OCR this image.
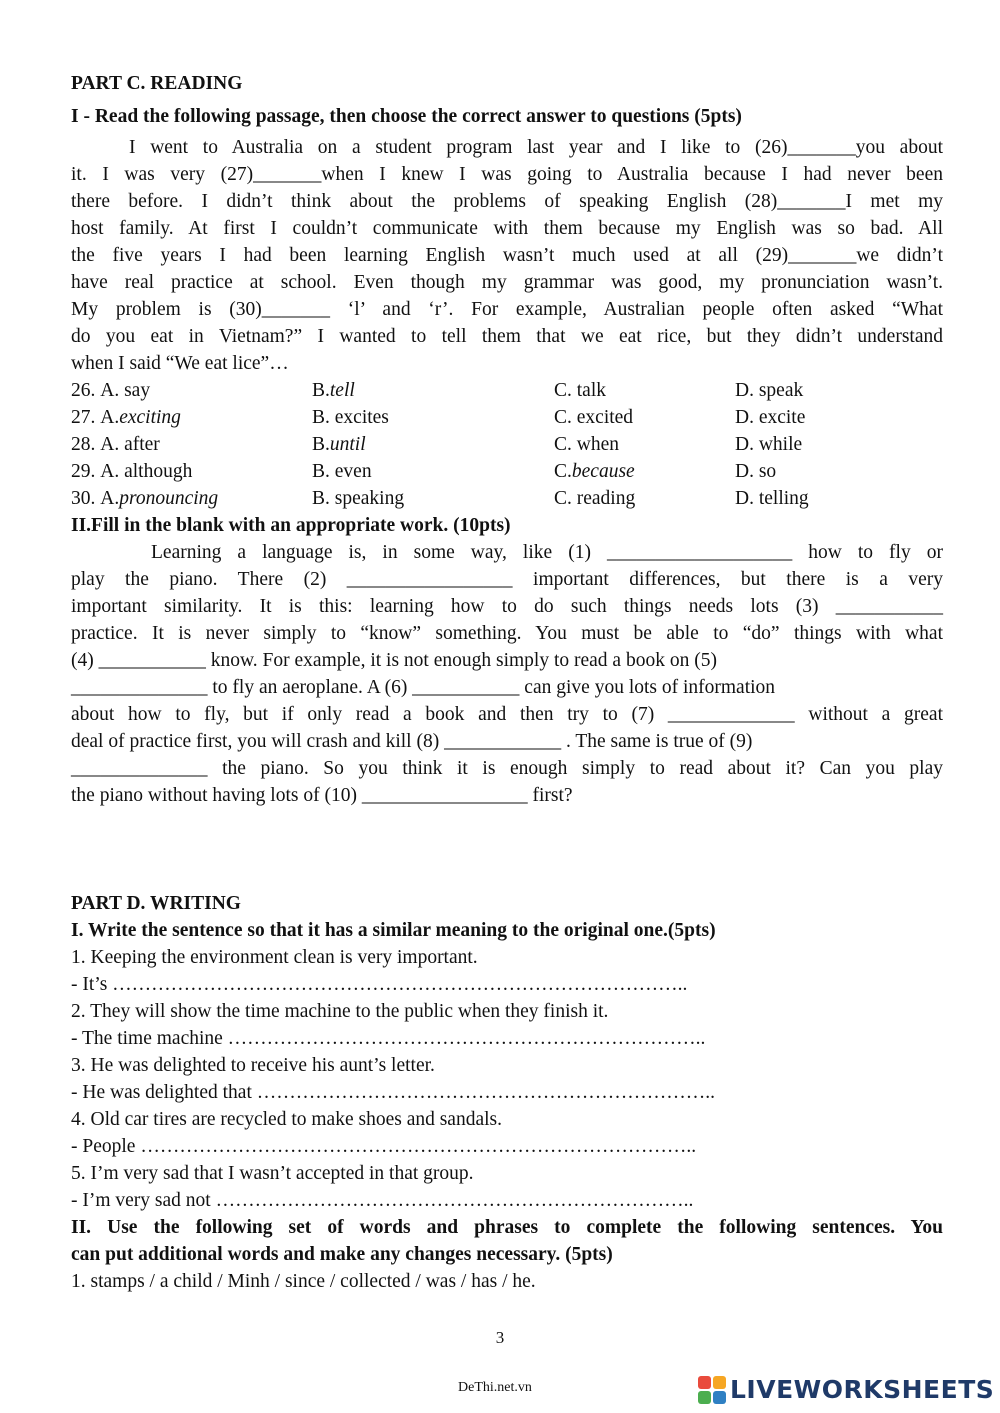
PART C. READING
I - Read the following passage, then choose the correct answer to questions (5pts)
I went to Australia on a student program last year and I like to (26)_______you about
it. I was very (27)_______when I knew I was going to Australia because I had never been
there before. I didn’t think about the problems of speaking English (28)_______I met my
host family. At first I couldn’t communicate with them because my English was so bad. All
the five years I had been learning English wasn’t much used at all (29)_______we didn’t
have real practice at school. Even though my grammar was good, my pronunciation wasn’t.
My problem is (30)_______ ‘l’ and ‘r’. For example, Australian people often asked “What
do you eat in Vietnam?” I wanted to tell them that we eat rice, but they didn’t understand
when I said “We eat lice”…
26. A. say	B.tell	C. talk	D. speak
27. A.exciting	B. excites	C. excited	D. excite
28. A. after	B.until	C. when	D. while
29. A. although	B. even	C.because	D. so
30. A.pronouncing	B. speaking	C. reading	D. telling
II.Fill in the blank with an appropriate work. (10pts)
Learning a language is, in some way, like (1) ___________________ how to fly or
play the piano. There (2) _________________ important differences, but there is a very
important similarity. It is this: learning how to do such things needs lots (3) ___________
practice. It is never simply to “know” something. You must be able to “do” things with what
(4) ___________ know. For example, it is not enough simply to read a book on (5)
______________ to fly an aeroplane. A (6) ___________ can give you lots of information
about how to fly, but if only read a book and then try to (7) _____________ without a great
deal of practice first, you will crash and kill (8) ____________ . The same is true of (9)
______________ the piano. So you think it is enough simply to read about it? Can you play
the piano without having lots of (10) _________________ first?
PART D. WRITING
I. Write the sentence so that it has a similar meaning to the original one.(5pts)
1. Keeping the environment clean is very important.
- It’s ……………………………………………………………………………..
2. They will show the time machine to the public when they finish it.
- The time machine ………………………………………………………………..
3. He was delighted to receive his aunt’s letter.
- He was delighted that ……………………………………………………………..
4. Old car tires are recycled to make shoes and sandals.
- People …………………………………………………………………………..
5. I’m very sad that I wasn’t accepted in that group.
- I’m very sad not ………………………………………………………………..
II. Use the following set of words and phrases to complete the following sentences. You
can put additional words and make any changes necessary. (5pts)
1. stamps / a child / Minh / since / collected / was / has / he.
3
DeThi.net.vn	LIVEWORKSHEETS
